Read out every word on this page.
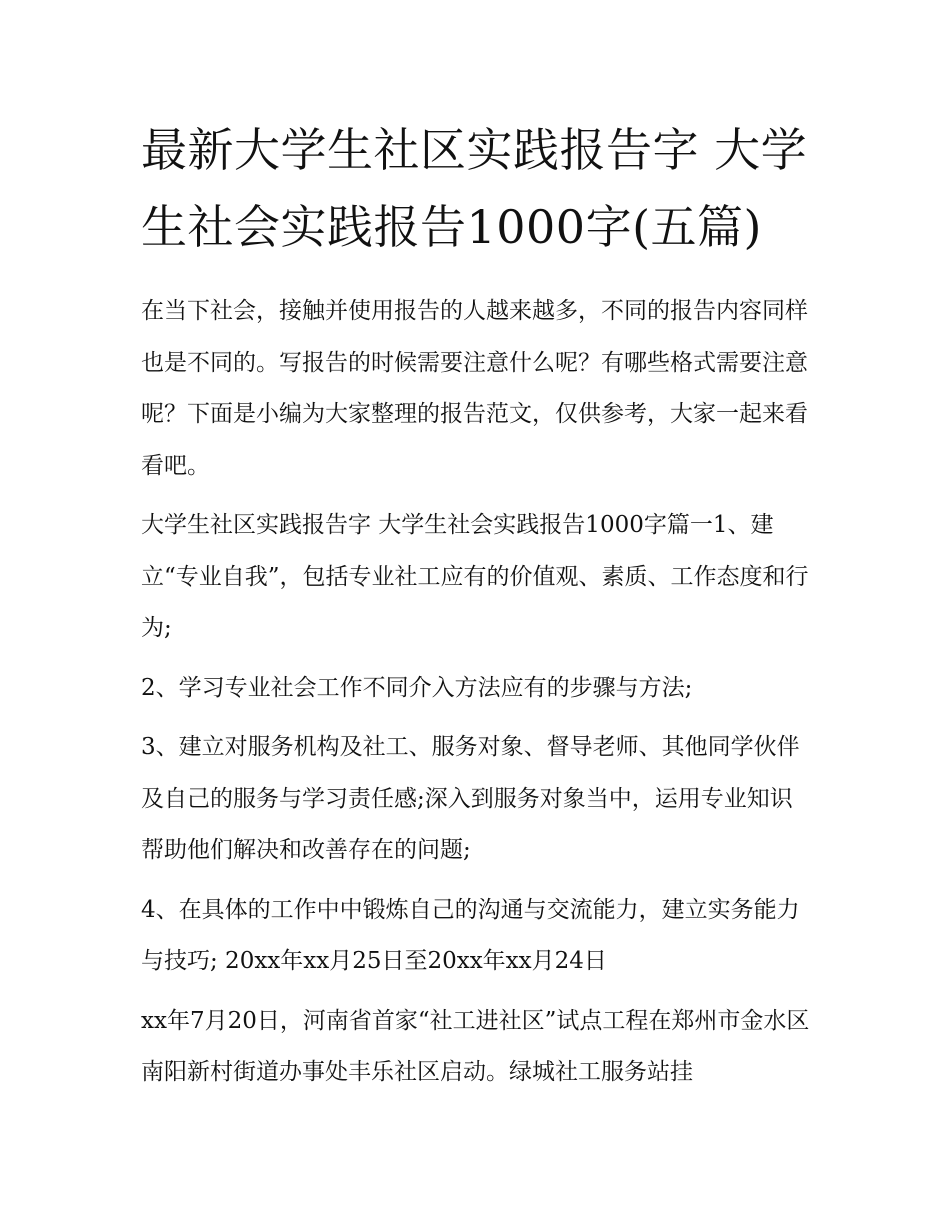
最新大学生社区实践报告字 大学生社会实践报告1000字(五篇)

在当下社会，接触并使用报告的人越来越多，不同的报告内容同样也是不同的。写报告的时候需要注意什么呢？有哪些格式需要注意呢？下面是小编为大家整理的报告范文，仅供参考，大家一起来看看吧。

大学生社区实践报告字 大学生社会实践报告1000字篇一1、建立“专业自我”，包括专业社工应有的价值观、素质、工作态度和行为;

2、学习专业社会工作不同介入方法应有的步骤与方法;

3、建立对服务机构及社工、服务对象、督导老师、其他同学伙伴及自己的服务与学习责任感;深入到服务对象当中，运用专业知识帮助他们解决和改善存在的问题;

4、在具体的工作中中锻炼自己的沟通与交流能力，建立实务能力与技巧; 20xx年xx月25日至20xx年xx月24日

xx年7月20日，河南省首家“社工进社区”试点工程在郑州市金水区南阳新村街道办事处丰乐社区启动。绿城社工服务站挂
